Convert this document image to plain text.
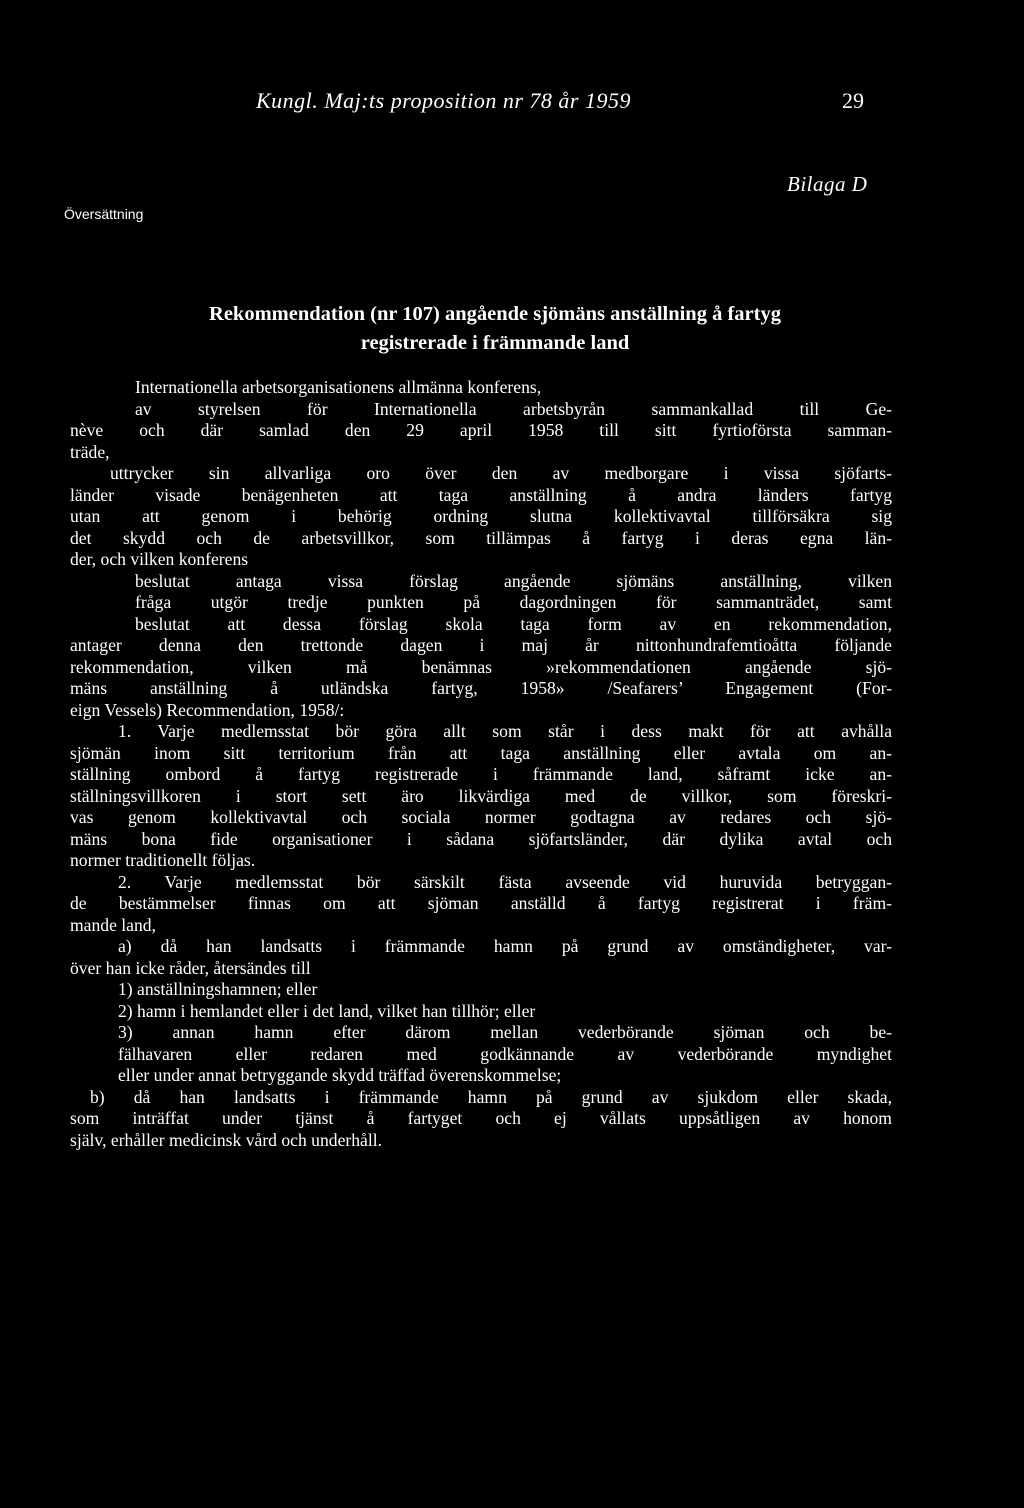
Kungl. Maj:ts proposition nr 78 år 1959	29
Bilaga D
Översättning
Rekommendation (nr 107) angående sjömäns anställning å fartyg
registrerade i främmande land
Internationella arbetsorganisationens allmänna konferens,
av styrelsen för Internationella arbetsbyrån sammankallad till Ge-
nève och där samlad den 29 april 1958 till sitt fyrtioförsta samman-
träde,
uttrycker sin allvarliga oro över den av medborgare i vissa sjöfarts-
länder visade benägenheten att taga anställning å andra länders fartyg
utan att genom i behörig ordning slutna kollektivavtal tillförsäkra sig
det skydd och de arbetsvillkor, som tillämpas å fartyg i deras egna län-
der, och vilken konferens
beslutat antaga vissa förslag angående sjömäns anställning, vilken
fråga utgör tredje punkten på dagordningen för sammanträdet, samt
beslutat att dessa förslag skola taga form av en rekommendation,
antager denna den trettonde dagen i maj år nittonhundrafemtioåtta följande
rekommendation, vilken må benämnas »rekommendationen angående sjö-
mäns anställning å utländska fartyg, 1958» /Seafarers’ Engagement (For-
eign Vessels) Recommendation, 1958/:
1. Varje medlemsstat bör göra allt som står i dess makt för att avhålla
sjömän inom sitt territorium från att taga anställning eller avtala om an-
ställning ombord å fartyg registrerade i främmande land, såframt icke an-
ställningsvillkoren i stort sett äro likvärdiga med de villkor, som föreskri-
vas genom kollektivavtal och sociala normer godtagna av redares och sjö-
mäns bona fide organisationer i sådana sjöfartsländer, där dylika avtal och
normer traditionellt följas.
2. Varje medlemsstat bör särskilt fästa avseende vid huruvida betryggan-
de bestämmelser finnas om att sjöman anställd å fartyg registrerat i främ-
mande land,
a) då han landsatts i främmande hamn på grund av omständigheter, var-
över han icke råder, återsändes till
1) anställningshamnen; eller
2) hamn i hemlandet eller i det land, vilket han tillhör; eller
3) annan hamn efter därom mellan vederbörande sjöman och be-
fälhavaren eller redaren med godkännande av vederbörande myndighet
eller under annat betryggande skydd träffad överenskommelse;
b) då han landsatts i främmande hamn på grund av sjukdom eller skada,
som inträffat under tjänst å fartyget och ej vållats uppsåtligen av honom
själv, erhåller medicinsk vård och underhåll.
